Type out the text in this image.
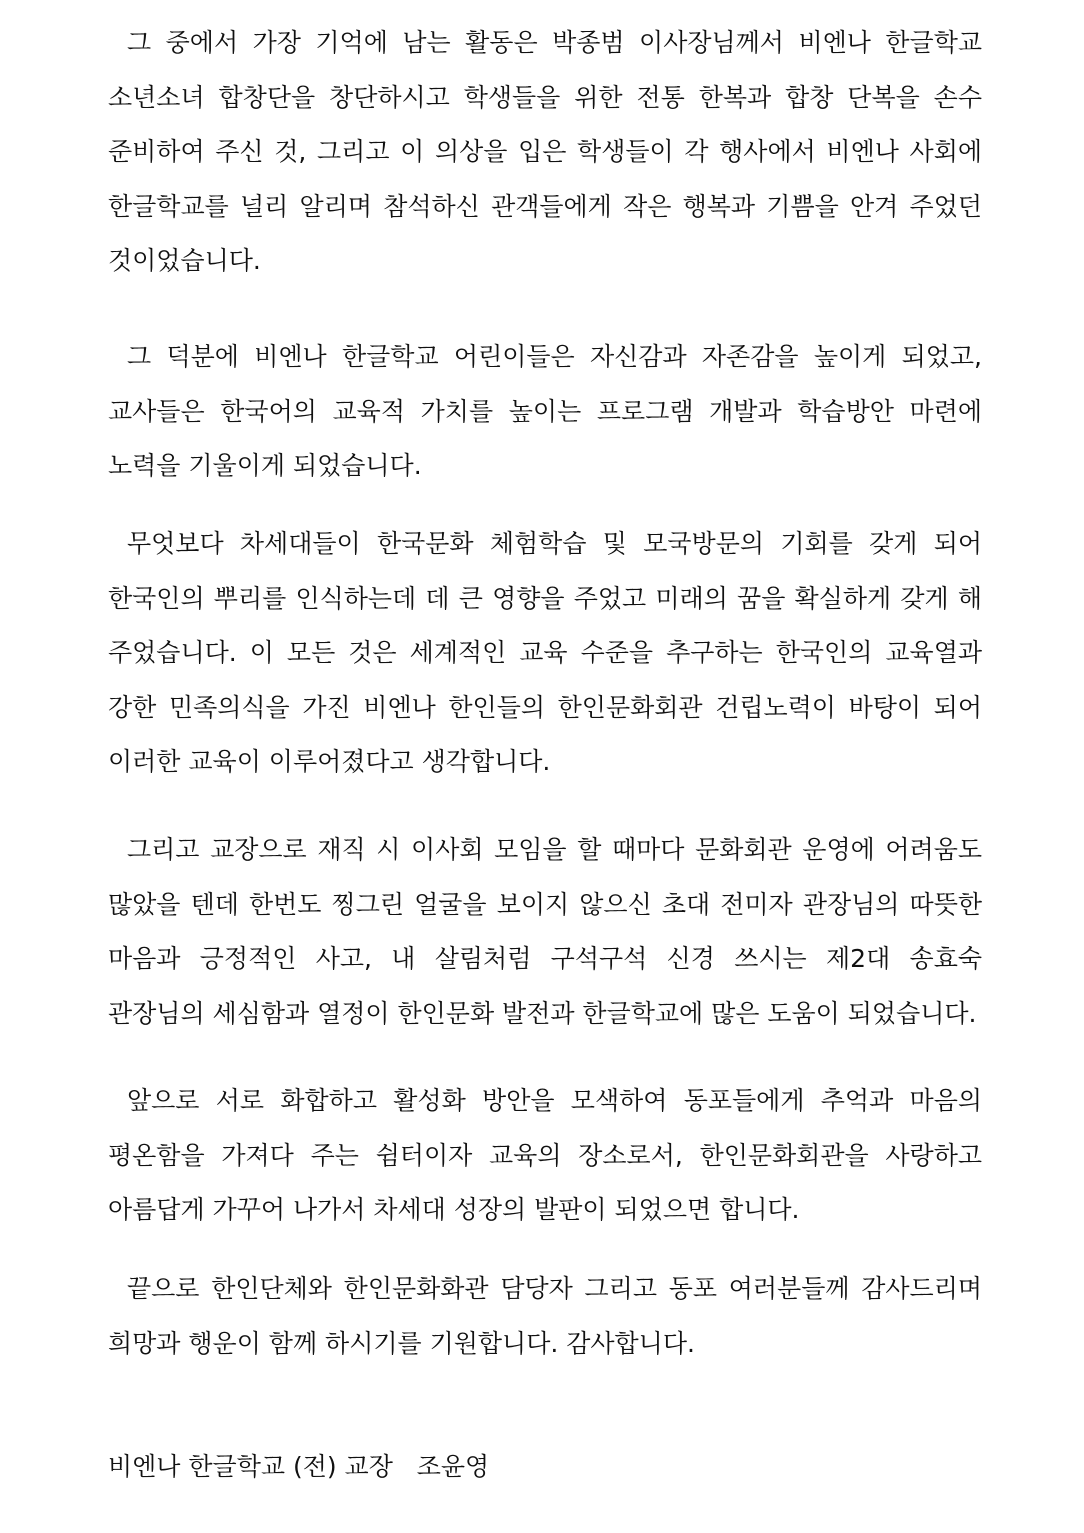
그 중에서 가장 기억에 남는 활동은 박종범 이사장님께서 비엔나 한글학교 소년소녀 합창단을 창단하시고 학생들을 위한 전통 한복과 합창 단복을 손수 준비하여 주신 것, 그리고 이 의상을 입은 학생들이 각 행사에서 비엔나 사회에 한글학교를 널리 알리며 참석하신 관객들에게 작은 행복과 기쁨을 안겨 주었던 것이었습니다.

그 덕분에 비엔나 한글학교 어린이들은 자신감과 자존감을 높이게 되었고, 교사들은 한국어의 교육적 가치를 높이는 프로그램 개발과 학습방안 마련에 노력을 기울이게 되었습니다.

무엇보다 차세대들이 한국문화 체험학습 및 모국방문의 기회를 갖게 되어 한국인의 뿌리를 인식하는데 데 큰 영향을 주었고 미래의 꿈을 확실하게 갖게 해 주었습니다. 이 모든 것은 세계적인 교육 수준을 추구하는 한국인의 교육열과 강한 민족의식을 가진 비엔나 한인들의 한인문화회관 건립노력이 바탕이 되어 이러한 교육이 이루어졌다고 생각합니다.

그리고 교장으로 재직 시 이사회 모임을 할 때마다 문화회관 운영에 어려움도 많았을 텐데 한번도 찡그린 얼굴을 보이지 않으신 초대 전미자 관장님의 따뜻한 마음과 긍정적인 사고, 내 살림처럼 구석구석 신경 쓰시는 제2대 송효숙 관장님의 세심함과 열정이 한인문화 발전과 한글학교에 많은 도움이 되었습니다.

앞으로 서로 화합하고 활성화 방안을 모색하여 동포들에게 추억과 마음의 평온함을 가져다 주는 쉼터이자 교육의 장소로서, 한인문화회관을 사랑하고 아름답게 가꾸어 나가서 차세대 성장의 발판이 되었으면 합니다.

끝으로 한인단체와 한인문화화관 담당자 그리고 동포 여러분들께 감사드리며 희망과 행운이 함께 하시기를 기원합니다. 감사합니다.

비엔나 한글학교 (전) 교장   조윤영
